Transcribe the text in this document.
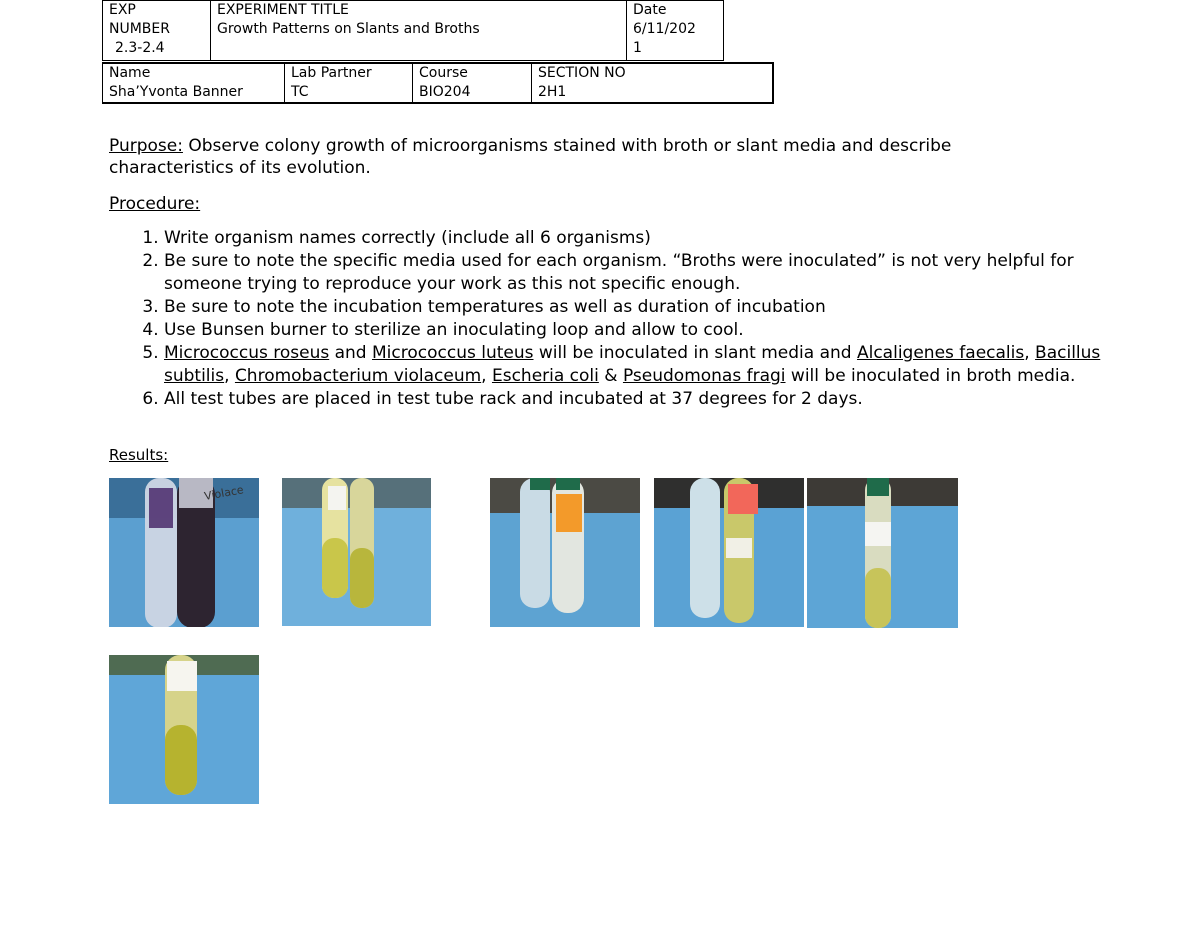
EXP
NUMBER
2.3-2.4

EXPERIMENT TITLE
Growth Patterns on Slants and Broths

Date
6/11/202
1
Name
Sha’Yvonta Banner

Lab Partner
TC

Course
BIO204

SECTION NO
2H1
Purpose: Observe colony growth of microorganisms stained with broth or slant media and describe characteristics of its evolution.
Procedure:
1. Write organism names correctly (include all 6 organisms)
2. Be sure to note the specific media used for each organism. “Broths were inoculated” is not very helpful for someone trying to reproduce your work as this not specific enough.
3. Be sure to note the incubation temperatures as well as duration of incubation
4. Use Bunsen burner to sterilize an inoculating loop and allow to cool.
5. Micrococcus roseus and Micrococcus luteus will be inoculated in slant media and Alcaligenes faecalis, Bacillus subtilis, Chromobacterium violaceum, Escheria coli & Pseudomonas fragi will be inoculated in broth media.
6. All test tubes are placed in test tube rack and incubated at 37 degrees for 2 days.
Results:
Violace
